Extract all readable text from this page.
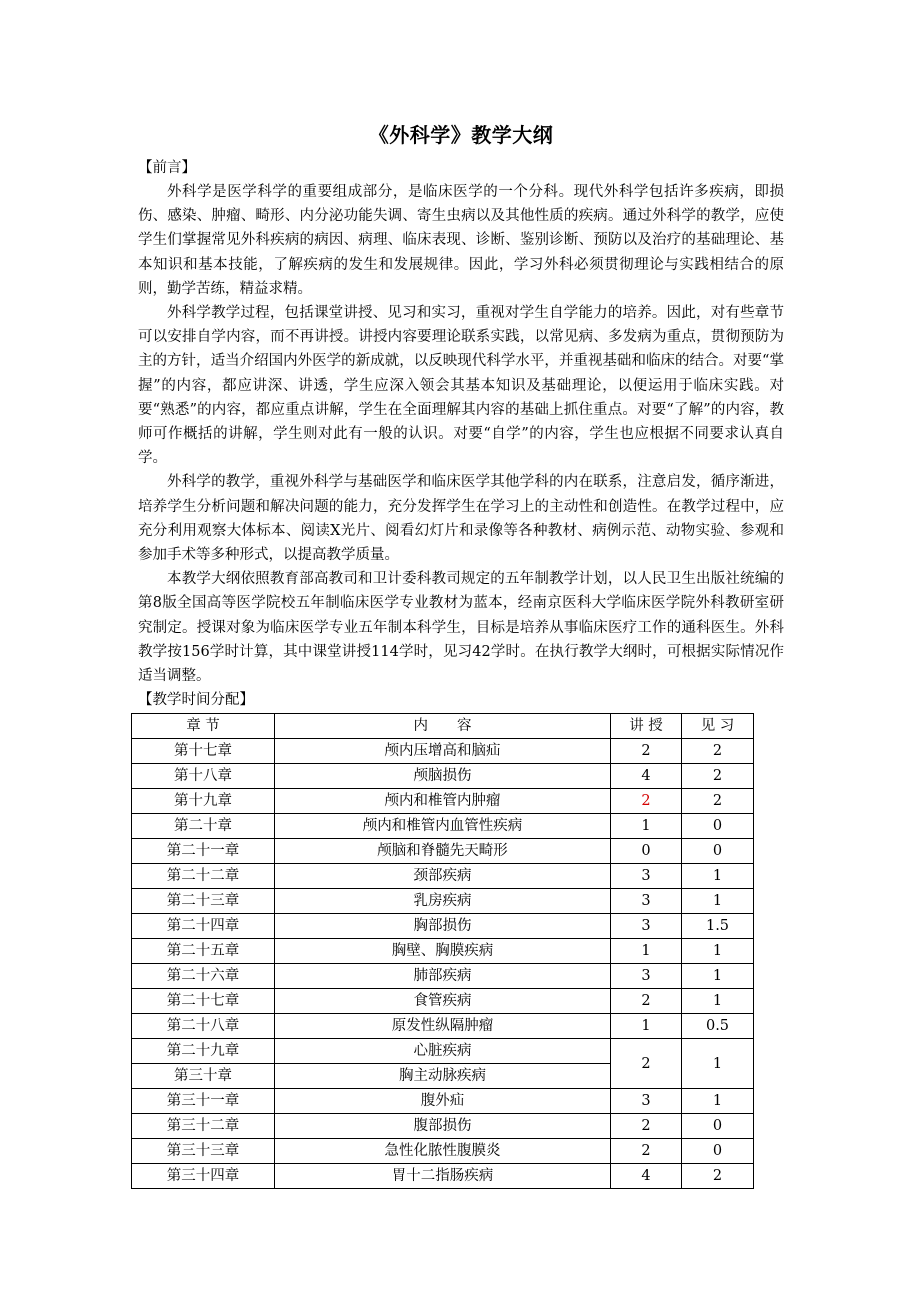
《外科学》教学大纲

【前言】

外科学是医学科学的重要组成部分，是临床医学的一个分科。现代外科学包括许多疾病，即损伤、感染、肿瘤、畸形、内分泌功能失调、寄生虫病以及其他性质的疾病。通过外科学的教学，应使学生们掌握常见外科疾病的病因、病理、临床表现、诊断、鉴别诊断、预防以及治疗的基础理论、基本知识和基本技能，了解疾病的发生和发展规律。因此，学习外科必须贯彻理论与实践相结合的原则，勤学苦练，精益求精。

外科学教学过程，包括课堂讲授、见习和实习，重视对学生自学能力的培养。因此，对有些章节可以安排自学内容，而不再讲授。讲授内容要理论联系实践，以常见病、多发病为重点，贯彻预防为主的方针，适当介绍国内外医学的新成就，以反映现代科学水平，并重视基础和临床的结合。对要“掌握”的内容，都应讲深、讲透，学生应深入领会其基本知识及基础理论，以便运用于临床实践。对要“熟悉”的内容，都应重点讲解，学生在全面理解其内容的基础上抓住重点。对要“了解”的内容，教师可作概括的讲解，学生则对此有一般的认识。对要“自学”的内容，学生也应根据不同要求认真自学。

外科学的教学，重视外科学与基础医学和临床医学其他学科的内在联系，注意启发，循序渐进，培养学生分析问题和解决问题的能力，充分发挥学生在学习上的主动性和创造性。在教学过程中，应充分利用观察大体标本、阅读X光片、阅看幻灯片和录像等各种教材、病例示范、动物实验、参观和参加手术等多种形式，以提高教学质量。

本教学大纲依照教育部高教司和卫计委科教司规定的五年制教学计划，以人民卫生出版社统编的第8版全国高等医学院校五年制临床医学专业教材为蓝本，经南京医科大学临床医学院外科教研室研究制定。授课对象为临床医学专业五年制本科学生，目标是培养从事临床医疗工作的通科医生。外科教学按156学时计算，其中课堂讲授114学时，见习42学时。在执行教学大纲时，可根据实际情况作适当调整。

【教学时间分配】

章 节	内　　容	讲 授	见 习
第十七章	颅内压增高和脑疝	2	2
第十八章	颅脑损伤	4	2
第十九章	颅内和椎管内肿瘤	2	2
第二十章	颅内和椎管内血管性疾病	1	0
第二十一章	颅脑和脊髓先天畸形	0	0
第二十二章	颈部疾病	3	1
第二十三章	乳房疾病	3	1
第二十四章	胸部损伤	3	1.5
第二十五章	胸壁、胸膜疾病	1	1
第二十六章	肺部疾病	3	1
第二十七章	食管疾病	2	1
第二十八章	原发性纵隔肿瘤	1	0.5
第二十九章	心脏疾病	2	1
第三十章	胸主动脉疾病		
第三十一章	腹外疝	3	1
第三十二章	腹部损伤	2	0
第三十三章	急性化脓性腹膜炎	2	0
第三十四章	胃十二指肠疾病	4	2
